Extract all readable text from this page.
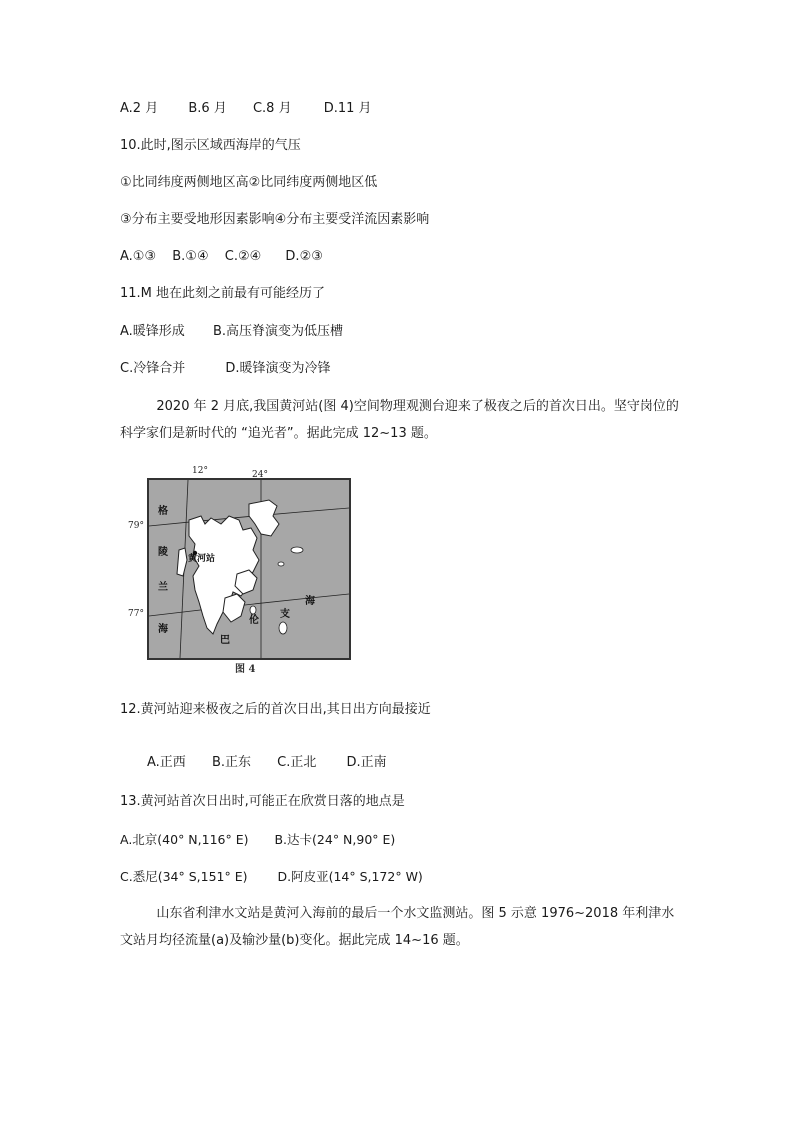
A.2 月 B.6 月 C.8 月 D.11 月
10.此时,图示区域西海岸的气压
①比同纬度两侧地区高②比同纬度两侧地区低
③分布主要受地形因素影响④分布主要受洋流因素影响
A.①③ B.①④ C.②④ D.②③
11.M 地在此刻之前最有可能经历了
A.暖锋形成 B.高压脊演变为低压槽
C.冷锋合并	D.暖锋演变为冷锋
2020 年 2 月底,我国黄河站(图 4)空间物理观测台迎来了极夜之后的首次日出。坚守岗位的科学家们是新时代的 “追光者”。据此完成 12~13 题。
12°	24°
79°
77°
格
陵
兰
海
黄河站
巴
伦
支
海
图 4
12.黄河站迎来极夜之后的首次日出,其日出方向最接近
A.正西 B.正东 C.正北 D.正南
13.黄河站首次日出时,可能正在欣赏日落的地点是
A.北京(40° N,116° E) B.达卡(24° N,90° E)
C.悉尼(34° S,151° E) D.阿皮亚(14° S,172° W)
山东省利津水文站是黄河入海前的最后一个水文监测站。图 5 示意 1976~2018 年利津水文站月均径流量(a)及输沙量(b)变化。据此完成 14~16 题。
